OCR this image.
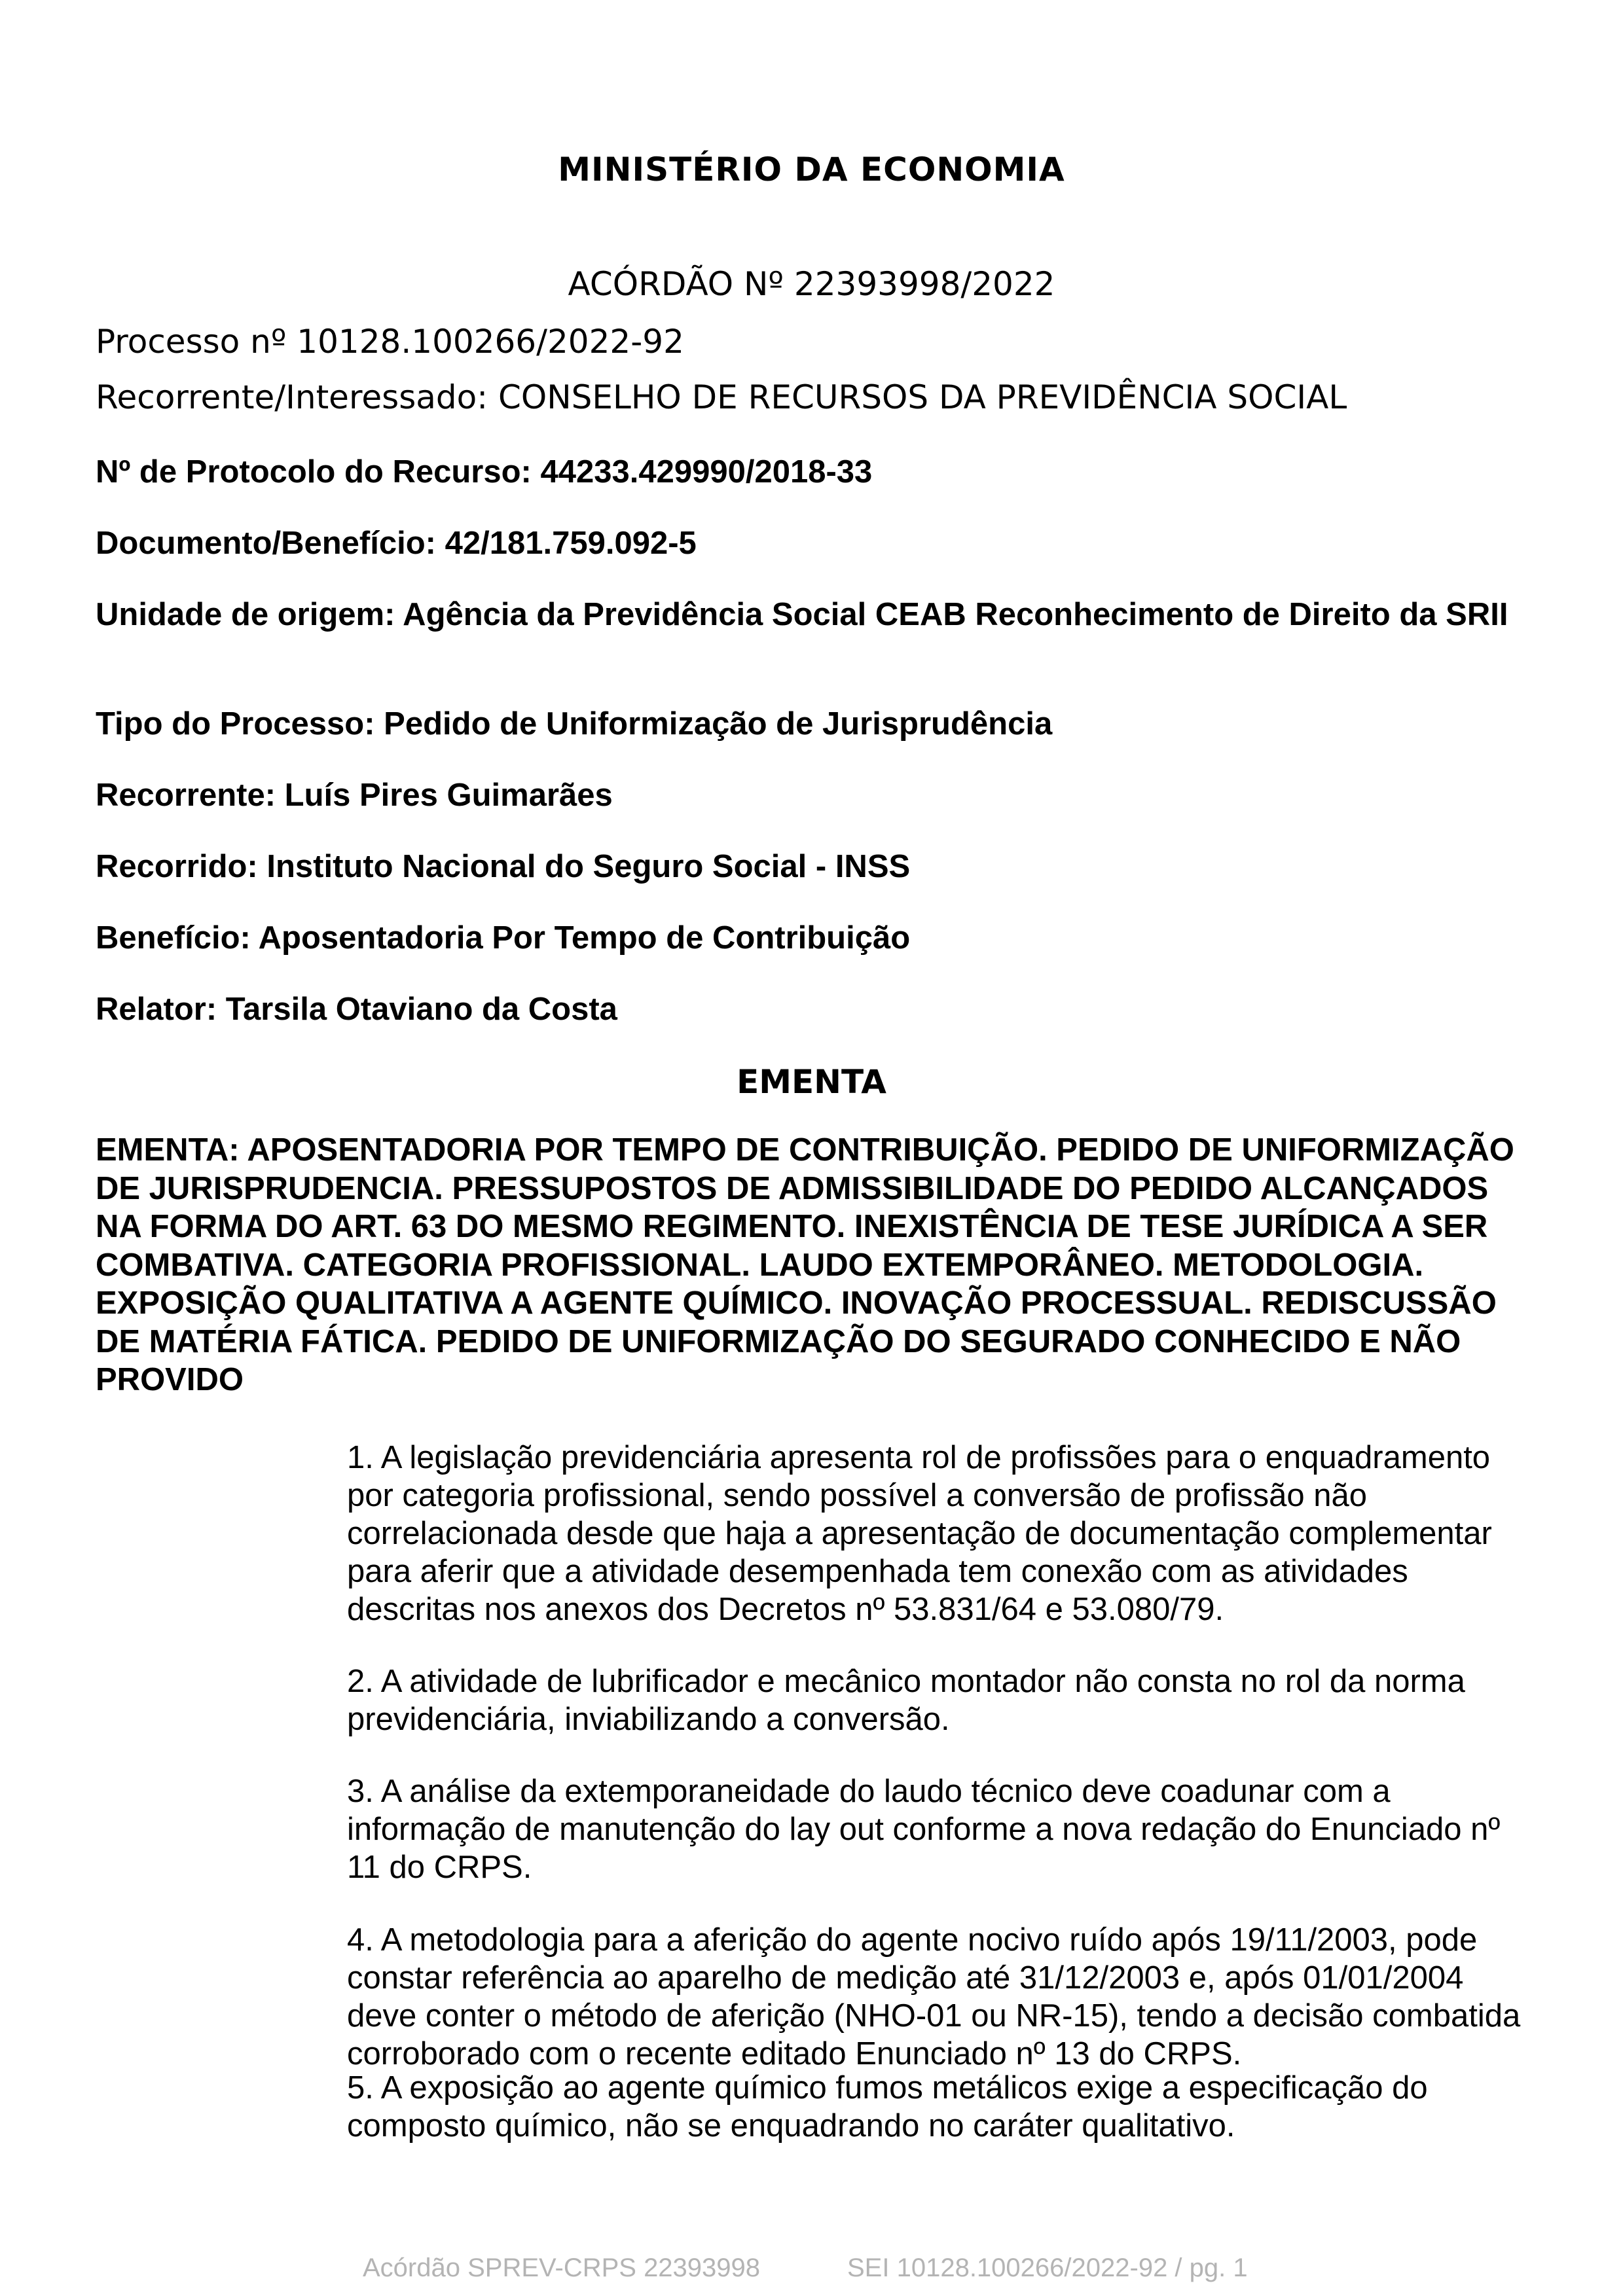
MINISTÉRIO DA ECONOMIA
ACÓRDÃO Nº 22393998/2022
Processo nº 10128.100266/2022-92
Recorrente/Interessado: CONSELHO DE RECURSOS DA PREVIDÊNCIA SOCIAL
Nº de Protocolo do Recurso: 44233.429990/2018-33
Documento/Benefício: 42/181.759.092-5
Unidade de origem: Agência da Previdência Social CEAB Reconhecimento de Direito da SRII
Tipo do Processo: Pedido de Uniformização de Jurisprudência
Recorrente: Luís Pires Guimarães
Recorrido: Instituto Nacional do Seguro Social - INSS
Benefício: Aposentadoria Por Tempo de Contribuição
Relator: Tarsila Otaviano da Costa
EMENTA
EMENTA: APOSENTADORIA POR TEMPO DE CONTRIBUIÇÃO. PEDIDO DE UNIFORMIZAÇÃO DE JURISPRUDENCIA. PRESSUPOSTOS DE ADMISSIBILIDADE DO PEDIDO ALCANÇADOS NA FORMA DO ART. 63 DO MESMO REGIMENTO. INEXISTÊNCIA DE TESE JURÍDICA A SER COMBATIVA. CATEGORIA PROFISSIONAL. LAUDO EXTEMPORÂNEO. METODOLOGIA. EXPOSIÇÃO QUALITATIVA A AGENTE QUÍMICO. INOVAÇÃO PROCESSUAL. REDISCUSSÃO DE MATÉRIA FÁTICA. PEDIDO DE UNIFORMIZAÇÃO DO SEGURADO CONHECIDO E NÃO PROVIDO
1. A legislação previdenciária apresenta rol de profissões para o enquadramento por categoria profissional, sendo possível a conversão de profissão não correlacionada desde que haja a apresentação de documentação complementar para aferir que a atividade desempenhada tem conexão com as atividades descritas nos anexos dos Decretos nº 53.831/64 e 53.080/79.
2. A atividade de lubrificador e mecânico montador não consta no rol da norma previdenciária, inviabilizando a conversão.
3. A análise da extemporaneidade do laudo técnico deve coadunar com a informação de manutenção do lay out conforme a nova redação do Enunciado nº 11 do CRPS.
4. A metodologia para a aferição do agente nocivo ruído após 19/11/2003, pode constar referência ao aparelho de medição até 31/12/2003 e, após 01/01/2004 deve conter o método de aferição (NHO-01 ou NR-15), tendo a decisão combatida corroborado com o recente editado Enunciado nº 13 do CRPS.
5. A exposição ao agente químico fumos metálicos exige a especificação do composto químico, não se enquadrando no caráter qualitativo.
Acórdão SPREV-CRPS 22393998	SEI 10128.100266/2022-92 / pg. 1
